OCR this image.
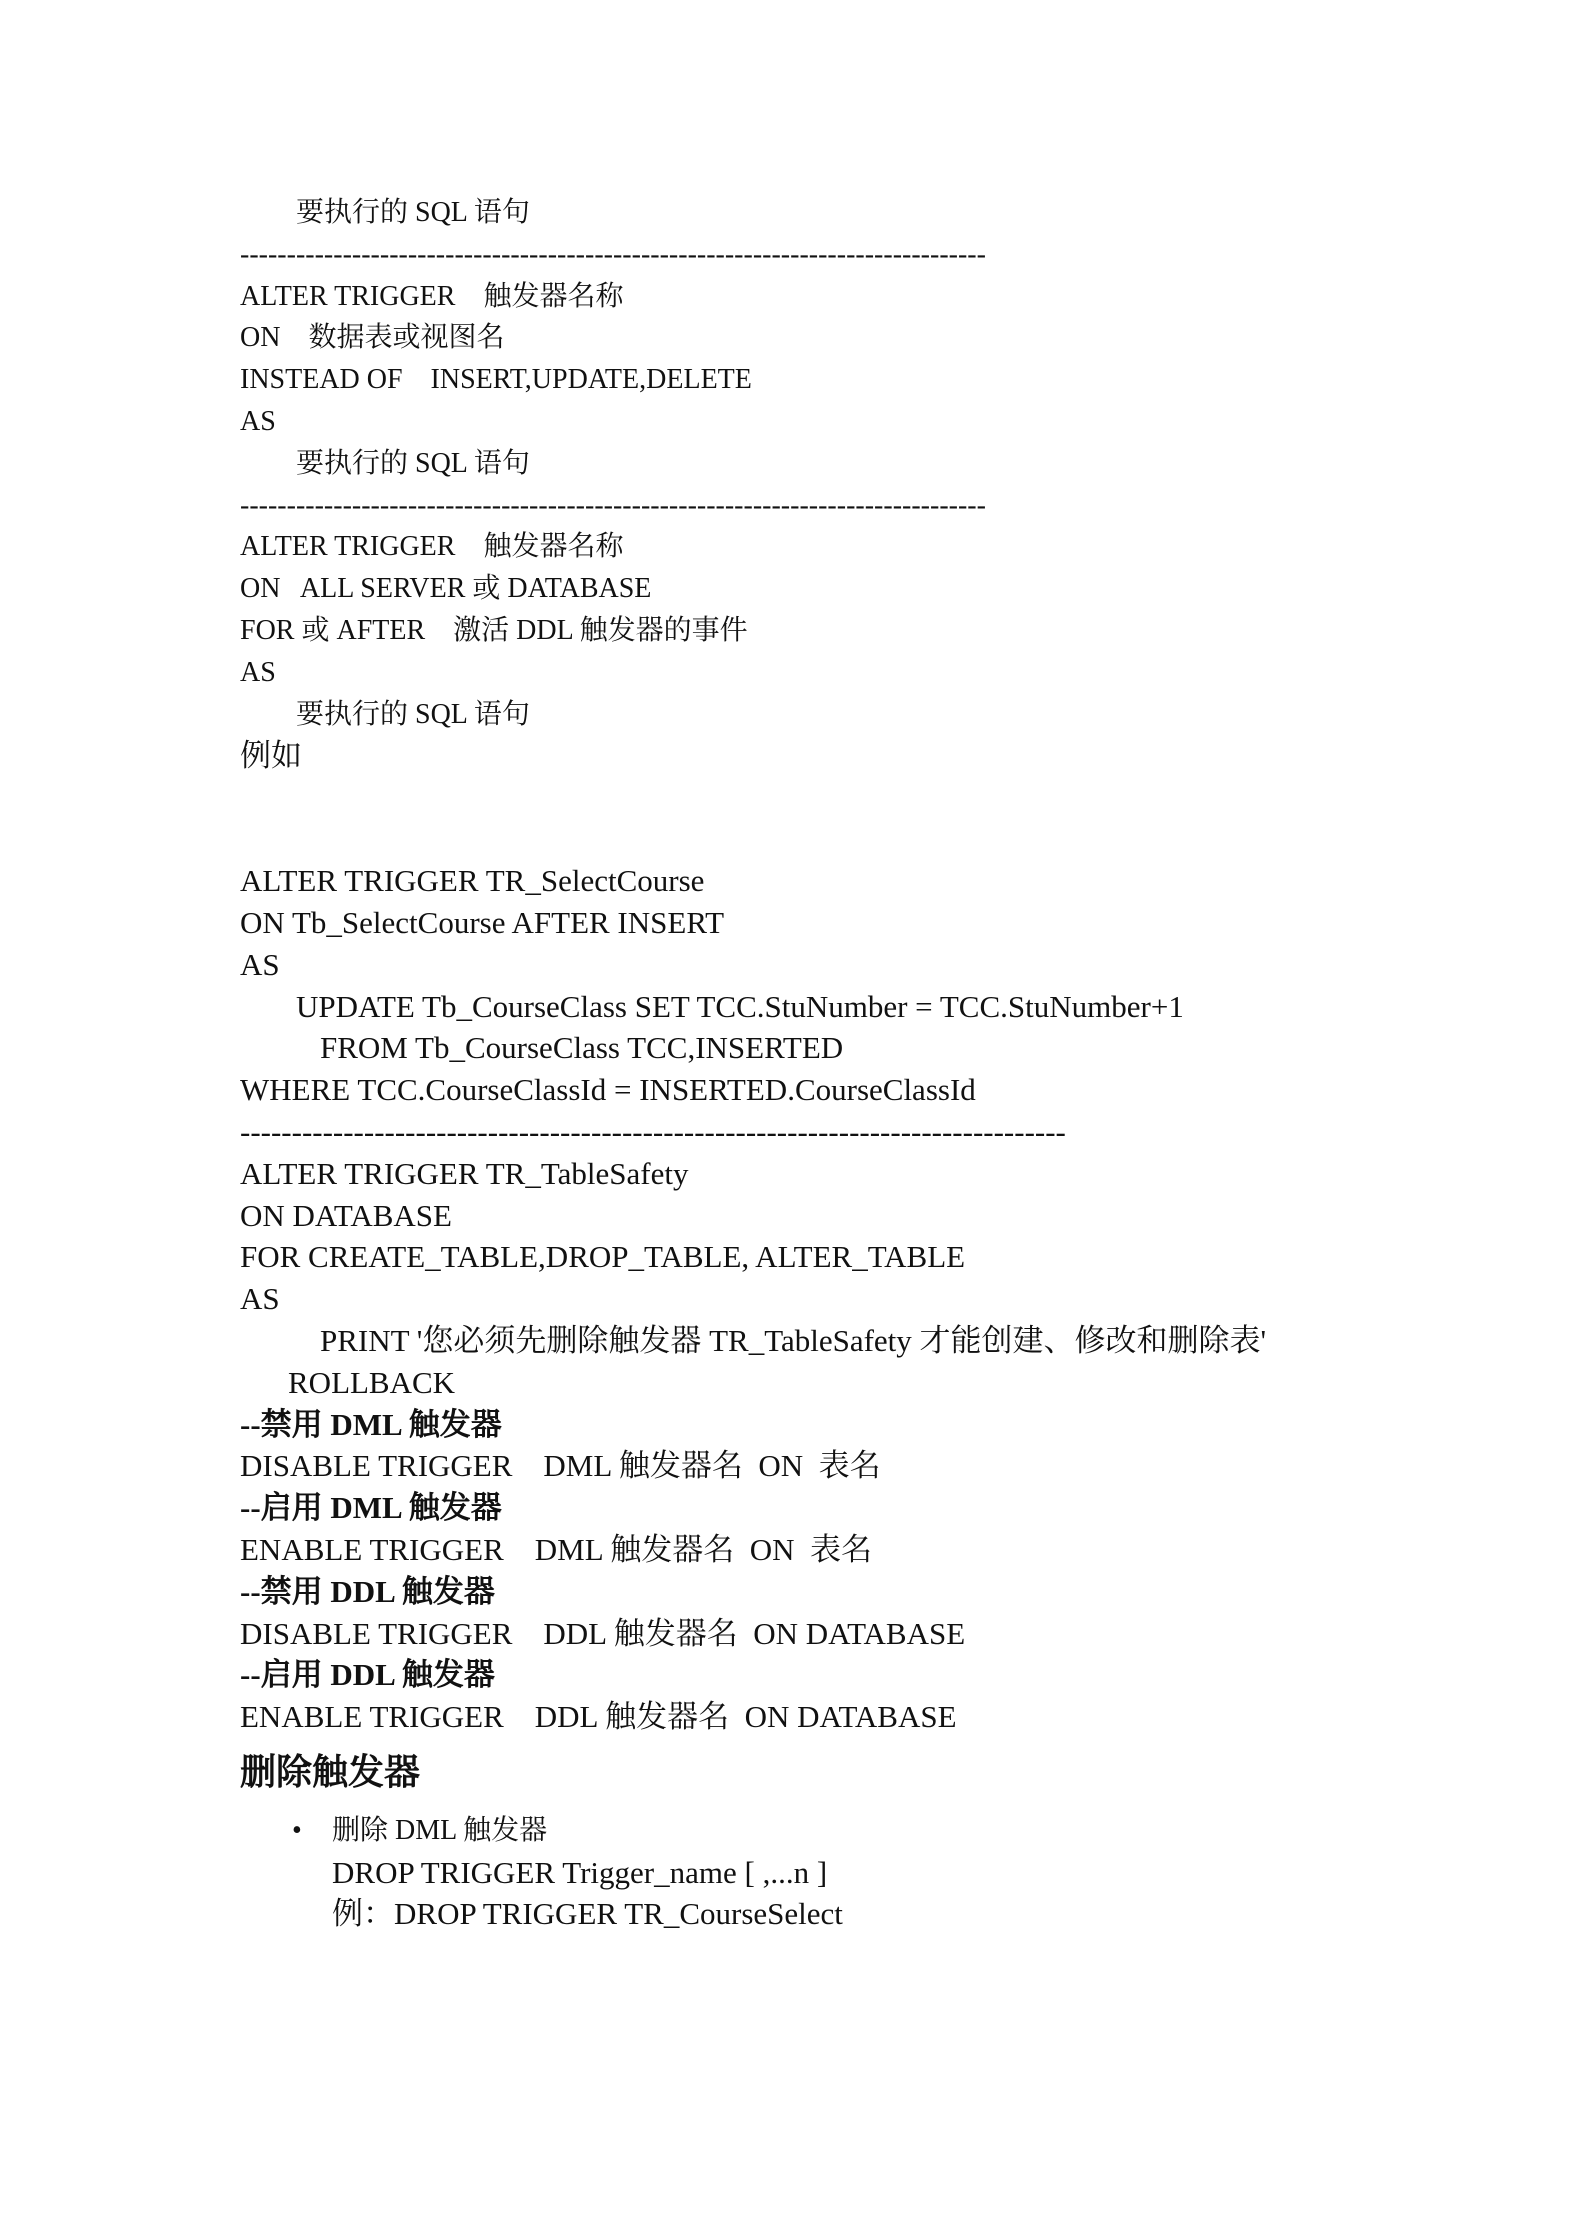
要执行的 SQL 语句
--------------------------------------------------------------------------------
ALTER TRIGGER    触发器名称
ON    数据表或视图名
INSTEAD OF    INSERT,UPDATE,DELETE
AS
要执行的 SQL 语句
--------------------------------------------------------------------------------
ALTER TRIGGER    触发器名称
ON   ALL SERVER 或 DATABASE
FOR 或 AFTER    激活 DDL 触发器的事件
AS
要执行的 SQL 语句
例如
ALTER TRIGGER TR_SelectCourse
ON Tb_SelectCourse AFTER INSERT
AS
UPDATE Tb_CourseClass SET TCC.StuNumber = TCC.StuNumber+1
FROM Tb_CourseClass TCC,INSERTED
WHERE TCC.CourseClassId = INSERTED.CourseClassId
--------------------------------------------------------------------------------
ALTER TRIGGER TR_TableSafety
ON DATABASE
FOR CREATE_TABLE,DROP_TABLE, ALTER_TABLE
AS
PRINT '您必须先删除触发器 TR_TableSafety 才能创建、修改和删除表'
ROLLBACK
--禁用 DML 触发器
DISABLE TRIGGER    DML 触发器名  ON  表名
--启用 DML 触发器
ENABLE TRIGGER    DML 触发器名  ON  表名
--禁用 DDL 触发器
DISABLE TRIGGER    DDL 触发器名  ON DATABASE
--启用 DDL 触发器
ENABLE TRIGGER    DDL 触发器名  ON DATABASE
删除触发器
• 删除 DML 触发器
DROP TRIGGER Trigger_name [ ,...n ]
例：DROP TRIGGER TR_CourseSelect
